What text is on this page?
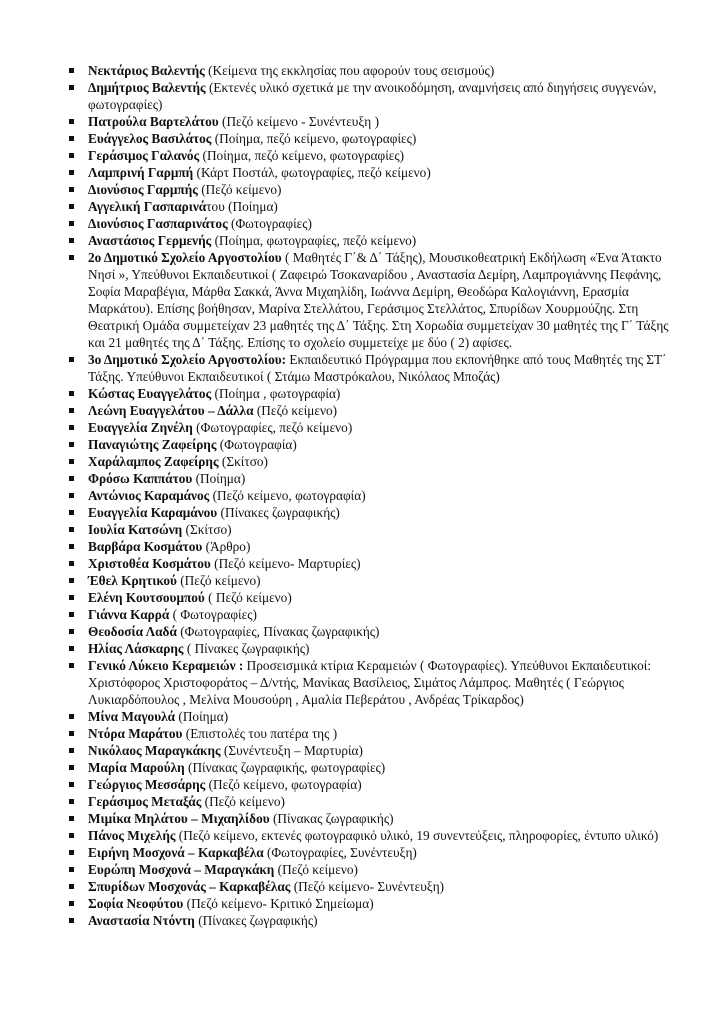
Νεκτάριος Βαλεντής (Κείμενα της εκκλησίας που αφορούν τους σεισμούς)
Δημήτριος Βαλεντής (Εκτενές υλικό σχετικά με την ανοικοδόμηση, αναμνήσεις από διηγήσεις συγγενών, φωτογραφίες)
Πατρούλα Βαρτελάτου (Πεζό κείμενο - Συνέντευξη )
Ευάγγελος Βασιλάτος (Ποίημα, πεζό κείμενο, φωτογραφίες)
Γεράσιμος Γαλανός (Ποίημα, πεζό κείμενο, φωτογραφίες)
Λαμπρινή Γαρμπή (Κάρτ Ποστάλ, φωτογραφίες, πεζό κείμενο)
Διονύσιος Γαρμπής (Πεζό κείμενο)
Αγγελική Γασπαρινάτου (Ποίημα)
Διονύσιος Γασπαρινάτος (Φωτογραφίες)
Αναστάσιος Γερμενής (Ποίημα, φωτογραφίες, πεζό κείμενο)
2ο Δημοτικό Σχολείο Αργοστολίου ( Μαθητές Γ΄& Δ΄ Τάξης), Μουσικοθεατρική Εκδήλωση «Ένα Άτακτο Νησί », Υπεύθυνοι Εκπαιδευτικοί ( Ζαφειρώ Τσοκαναρίδου , Αναστασία Δεμίρη, Λαμπρογιάννης Πεφάνης, Σοφία Μαραβέγια, Μάρθα Σακκά, Άννα Μιχαηλίδη, Ιωάννα Δεμίρη, Θεοδώρα Καλογιάννη, Ερασμία Μαρκάτου). Επίσης βοήθησαν, Μαρίνα Στελλάτου, Γεράσιμος Στελλάτος, Σπυρίδων Χουρμούζης. Στη Θεατρική Ομάδα συμμετείχαν 23 μαθητές της Δ΄ Τάξης. Στη Χορωδία συμμετείχαν 30 μαθητές της Γ΄ Τάξης και 21 μαθητές της Δ΄ Τάξης. Επίσης το σχολείο συμμετείχε με δύο ( 2) αφίσες.
3ο Δημοτικό Σχολείο Αργοστολίου: Εκπαιδευτικό Πρόγραμμα που εκπονήθηκε από τους Μαθητές της ΣΤ΄ Τάξης. Υπεύθυνοι Εκπαιδευτικοί ( Στάμω Μαστρόκαλου, Νικόλαος Μποζάς)
Κώστας Ευαγγελάτος (Ποίημα , φωτογραφία)
Λεώνη Ευαγγελάτου – Δάλλα (Πεζό κείμενο)
Ευαγγελία Ζηνέλη (Φωτογραφίες, πεζό κείμενο)
Παναγιώτης Ζαφείρης (Φωτογραφία)
Χαράλαμπος Ζαφείρης (Σκίτσο)
Φρόσω Καππάτου (Ποίημα)
Αντώνιος Καραμάνος (Πεζό κείμενο, φωτογραφία)
Ευαγγελία Καραμάνου (Πίνακες ζωγραφικής)
Ιουλία Κατσώνη (Σκίτσο)
Βαρβάρα Κοσμάτου (Άρθρο)
Χριστοθέα Κοσμάτου (Πεζό κείμενο- Μαρτυρίες)
Έθελ Κρητικού (Πεζό κείμενο)
Ελένη Κουτσουμπού ( Πεζό κείμενο)
Γιάννα Καρρά ( Φωτογραφίες)
Θεοδοσία Λαδά (Φωτογραφίες, Πίνακας ζωγραφικής)
Ηλίας Λάσκαρης ( Πίνακες ζωγραφικής)
Γενικό Λύκειο Κεραμειών : Προσεισμικά κτίρια Κεραμειών ( Φωτογραφίες). Υπεύθυνοι Εκπαιδευτικοί: Χριστόφορος Χριστοφοράτος – Δ/ντής, Μανίκας Βασίλειος, Σιμάτος Λάμπρος. Μαθητές ( Γεώργιος Λυκιαρδόπουλος , Μελίνα Μουσούρη , Αμαλία Πεβεράτου , Ανδρέας Τρίκαρδος)
Μίνα Μαγουλά (Ποίημα)
Ντόρα Μαράτου (Επιστολές του πατέρα της )
Νικόλαος Μαραγκάκης (Συνέντευξη – Μαρτυρία)
Μαρία Μαρούλη (Πίνακας ζωγραφικής, φωτογραφίες)
Γεώργιος Μεσσάρης (Πεζό κείμενο, φωτογραφία)
Γεράσιμος Μεταξάς (Πεζό κείμενο)
Μιμίκα Μηλάτου – Μιχαηλίδου (Πίνακας ζωγραφικής)
Πάνος Μιχελής (Πεζό κείμενο, εκτενές φωτογραφικό υλικό, 19 συνεντεύξεις, πληροφορίες, έντυπο υλικό)
Ειρήνη Μοσχονά – Καρκαβέλα (Φωτογραφίες, Συνέντευξη)
Ευρώπη Μοσχονά – Μαραγκάκη (Πεζό κείμενο)
Σπυρίδων Μοσχονάς – Καρκαβέλας (Πεζό κείμενο- Συνέντευξη)
Σοφία Νεοφύτου (Πεζό κείμενο- Κριτικό Σημείωμα)
Αναστασία Ντόντη (Πίνακες ζωγραφικής)
